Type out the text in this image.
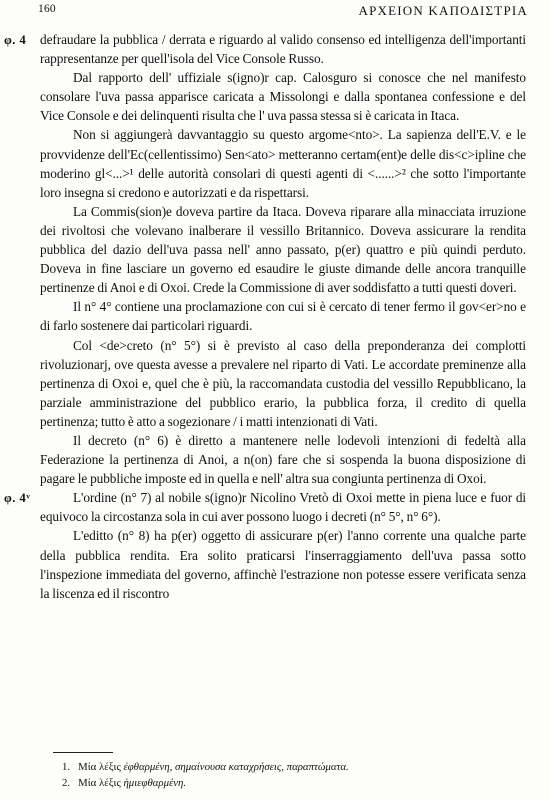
160	ΑΡΧΕΙΟΝ ΚΑΠΟΔΙΣΤΡΙΑ
φ. 4
φ. 4ᵛ

defraudare la pubblica / derrata e riguardo al valido consenso ed intelligenza dell'importanti rappresentanze per quell'isola del Vice Console Russo.

Dal rapporto dell' uffiziale s(igno)r cap. Calosguro si conosce che nel manifesto consolare l'uva passa apparisce caricata a Missolongi e dalla spontanea confessione e del Vice Console e dei delinquenti risulta che l' uva passa stessa si è caricata in Itaca.

Non si aggiungerà davvantaggio su questo argome<nto>. La sapienza dell'E.V. e le provvidenze dell'Ec(cellentissimo) Sen<ato> metteranno certam(ent)e delle dis<c>ipline che moderino gl<...>¹ delle autorità consolari di questi agenti di <......>² che sotto l'importante loro insegna si credono e autorizzati e da rispettarsi.

La Commis(sion)e doveva partire da Itaca. Doveva riparare alla minacciata irruzione dei rivoltosi che volevano inalberare il vessillo Britannico. Doveva assicurare la rendita pubblica del dazio dell'uva passa nell' anno passato, p(er) quattro e più quindi perduto. Doveva in fine lasciare un governo ed esaudire le giuste dimande delle ancora tranquille pertinenze di Anoi e di Oxoi. Crede la Commissione di aver soddisfatto a tutti questi doveri.

Il n° 4° contiene una proclamazione con cui si è cercato di tener fermo il gov<er>no e di farlo sostenere dai particolari riguardi.

Col <de>creto (n° 5°) si è previsto al caso della preponderanza dei complotti rivoluzionarj, ove questa avesse a prevalere nel riparto di Vati. Le accordate preminenze alla pertinenza di Oxoi e, quel che è più, la raccomandata custodia del vessillo Repubblicano, la parziale amministrazione del pubblico erario, la pubblica forza, il credito di quella pertinenza; tutto è atto a sogezionare / i matti intenzionati di Vati.

Il decreto (n° 6) è diretto a mantenere nelle lodevoli intenzioni di fedeltà alla Federazione la pertinenza di Anoi, a n(on) fare che si sospenda la buona disposizione di pagare le pubbliche imposte ed in quella e nell' altra sua congiunta pertinenza di Oxoi.

L'ordine (n° 7) al nobile s(igno)r Nicolino Vretò di Oxoi mette in piena luce e fuor di equivoco la circostanza sola in cui aver possono luogo i decreti (n° 5°, n° 6°).

L'editto (n° 8) ha p(er) oggetto di assicurare p(er) l'anno corrente una qualche parte della pubblica rendita. Era solito praticarsi l'inserraggiamento dell'uva passa sotto l'inspezione immediata del governo, affinchè l'estrazione non potesse essere verificata senza la liscenza ed il riscontro

1. Μία λέξις ἐφθαρμένη, σημαίνουσα καταχρήσεις, παραπτώματα.

2. Μία λέξις ἡμιεφθαρμένη.
